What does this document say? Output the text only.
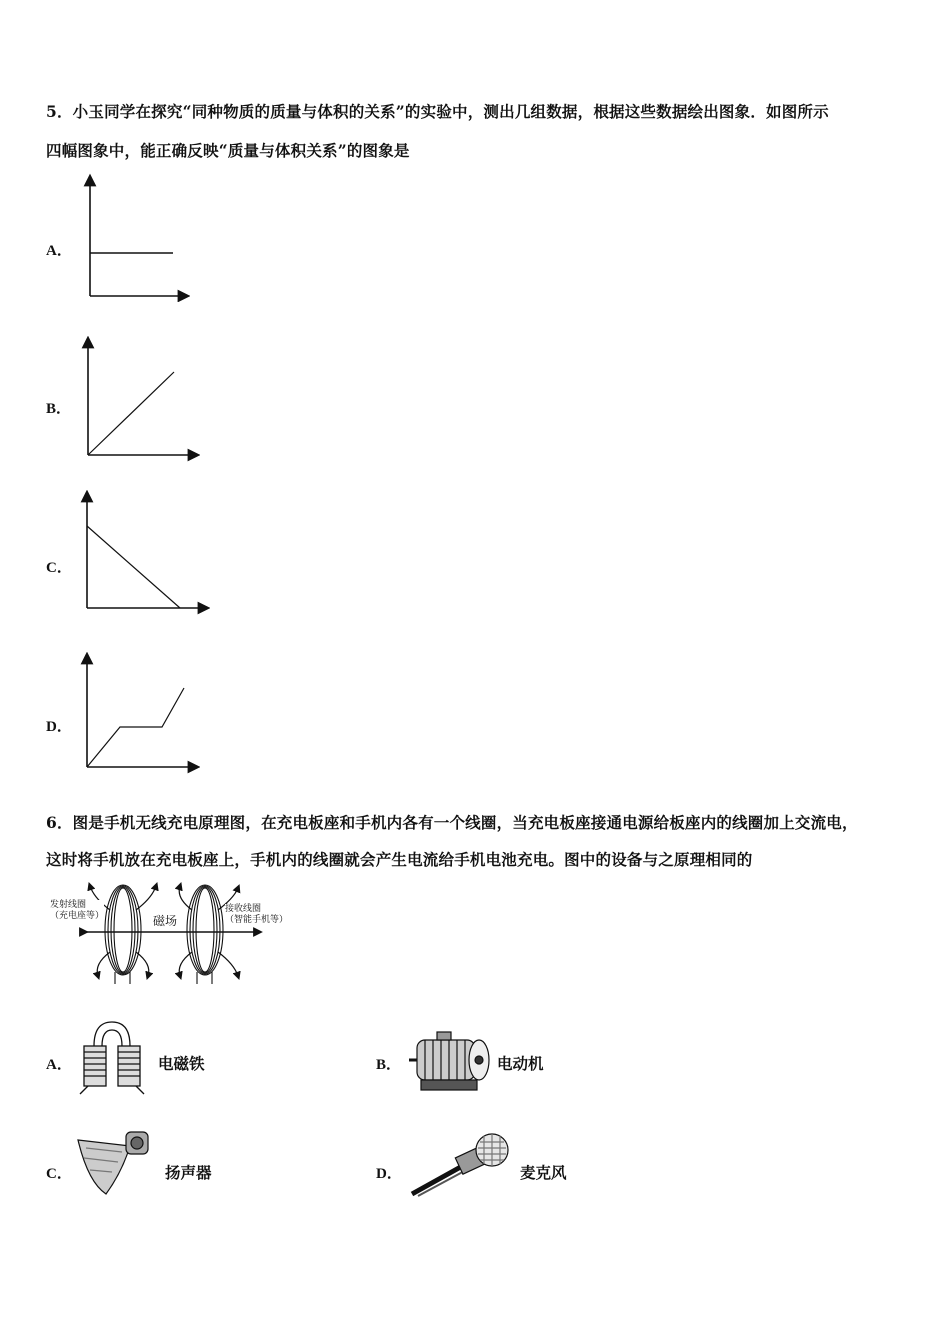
5．小玉同学在探究“同种物质的质量与体积的关系”的实验中，测出几组数据，根据这些数据绘出图象．如图所示
四幅图象中，能正确反映“质量与体积关系”的图象是
A．
B．
C．
D．
6．图是手机无线充电原理图，在充电板座和手机内各有一个线圈，当充电板座接通电源给板座内的线圈加上交流电，
这时将手机放在充电板座上，手机内的线圈就会产生电流给手机电池充电。图中的设备与之原理相同的
发射线圈
（充电座等）	磁场
接收线圈
（智能手机等）
A．	电磁铁	B．	电动机
C．	扬声器	D．	麦克风
